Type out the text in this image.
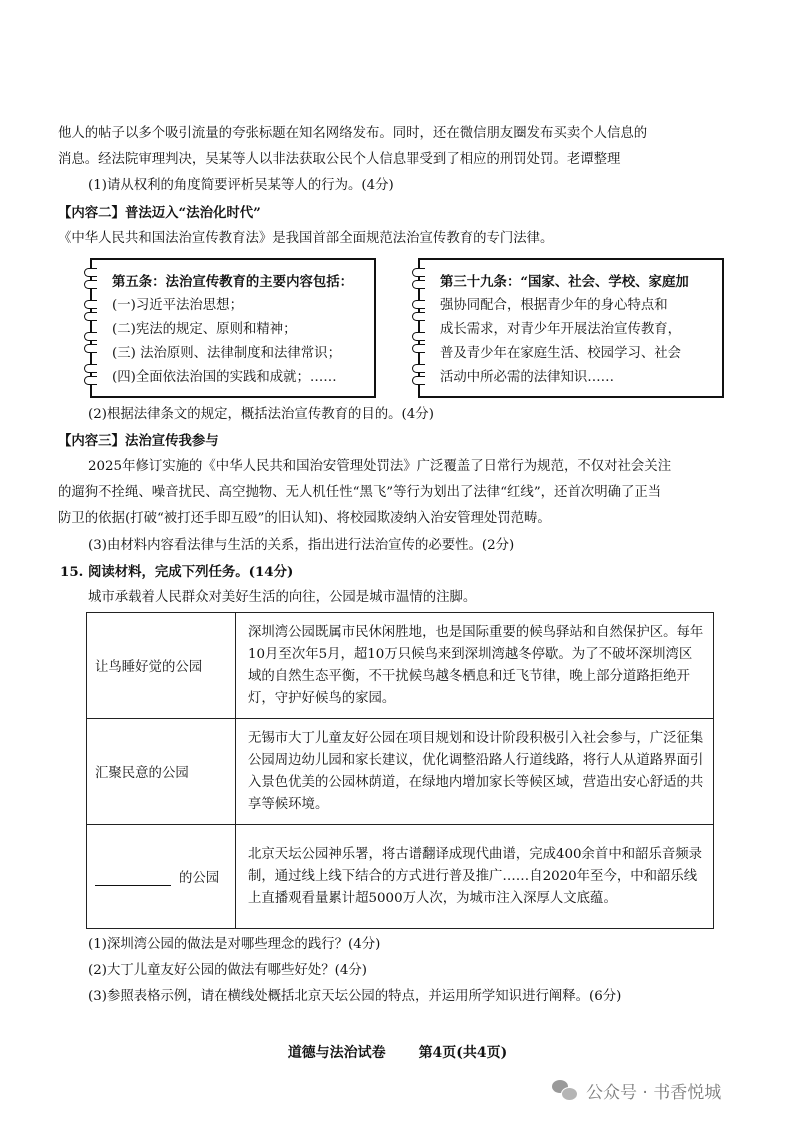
他人的帖子以多个吸引流量的夸张标题在知名网络发布。同时，还在微信朋友圈发布买卖个人信息的
消息。经法院审理判决，吴某等人以非法获取公民个人信息罪受到了相应的刑罚处罚。老谭整理
(1)请从权利的角度简要评析吴某等人的行为。(4分)
【内容二】普法迈入“法治化时代”
《中华人民共和国法治宣传教育法》是我国首部全面规范法治宣传教育的专门法律。
第五条：法治宣传教育的主要内容包括：
(一)习近平法治思想；
(二)宪法的规定、原则和精神；
(三) 法治原则、法律制度和法律常识；
(四)全面依法治国的实践和成就；……
第三十九条：“国家、社会、学校、家庭加
强协同配合，根据青少年的身心特点和
成长需求，对青少年开展法治宣传教育，
普及青少年在家庭生活、校园学习、社会
活动中所必需的法律知识……
(2)根据法律条文的规定，概括法治宣传教育的目的。(4分)
【内容三】法治宣传我参与
2025年修订实施的《中华人民共和国治安管理处罚法》广泛覆盖了日常行为规范，不仅对社会关注
的遛狗不拴绳、噪音扰民、高空抛物、无人机任性“黑飞”等行为划出了法律“红线”，还首次明确了正当
防卫的依据(打破“被打还手即互殴”的旧认知)、将校园欺凌纳入治安管理处罚范畴。
(3)由材料内容看法律与生活的关系，指出进行法治宣传的必要性。(2分)
15. 阅读材料，完成下列任务。(14分)
城市承载着人民群众对美好生活的向往，公园是城市温情的注脚。
让鸟睡好觉的公园	深圳湾公园既属市民休闲胜地，也是国际重要的候鸟驿站和自然保护区。每年10月至次年5月，超10万只候鸟来到深圳湾越冬停歇。为了不破坏深圳湾区域的自然生态平衡，不干扰候鸟越冬栖息和迁飞节律，晚上部分道路拒绝开灯，守护好候鸟的家园。
汇聚民意的公园	无锡市大丁儿童友好公园在项目规划和设计阶段积极引入社会参与，广泛征集公园周边幼儿园和家长建议，优化调整沿路人行道线路，将行人从道路界面引入景色优美的公园林荫道，在绿地内增加家长等候区域，营造出安心舒适的共享等候环境。
的公园	北京天坛公园神乐署，将古谱翻译成现代曲谱，完成400余首中和韶乐音频录制，通过线上线下结合的方式进行普及推广……自2020年至今，中和韶乐线上直播观看量累计超5000万人次，为城市注入深厚人文底蕴。
(1)深圳湾公园的做法是对哪些理念的践行？(4分)
(2)大丁儿童友好公园的做法有哪些好处？(4分)
(3)参照表格示例，请在横线处概括北京天坛公园的特点，并运用所学知识进行阐释。(6分)
道德与法治试卷 第4页(共4页)
公众号 · 书香悦城
